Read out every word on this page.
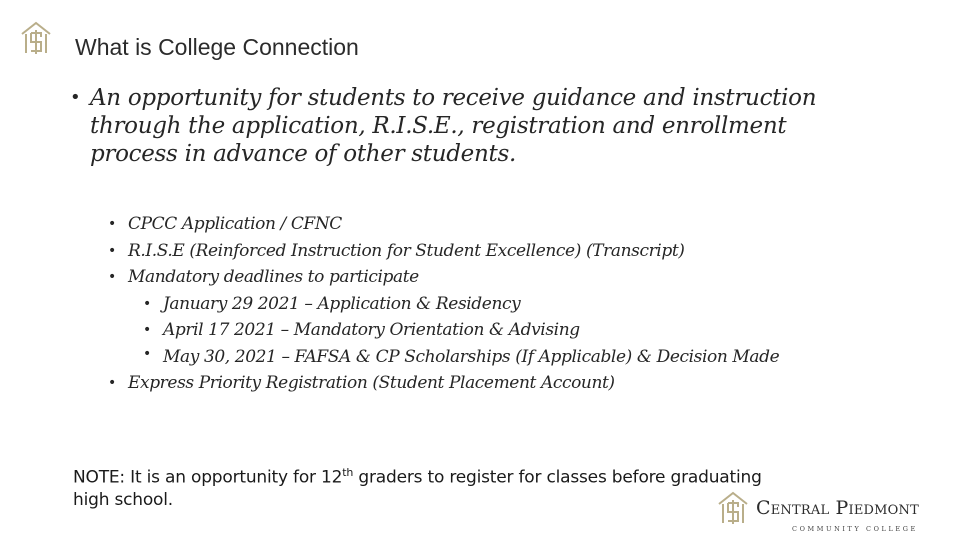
What is College Connection
• An opportunity for students to receive guidance and instruction through the application, R.I.S.E., registration and enrollment process in advance of other students.
• CPCC Application / CFNC
• R.I.S.E (Reinforced Instruction for Student Excellence) (Transcript)
• Mandatory deadlines to participate
• January 29 2021 – Application & Residency
• April 17 2021 – Mandatory Orientation & Advising
• May 30, 2021 – FAFSA & CP Scholarships (If Applicable) & Decision Made
• Express Priority Registration (Student Placement Account)
NOTE: It is an opportunity for 12th graders to register for classes before graduating high school.	Central Piedmont
COMMUNITY COLLEGE
